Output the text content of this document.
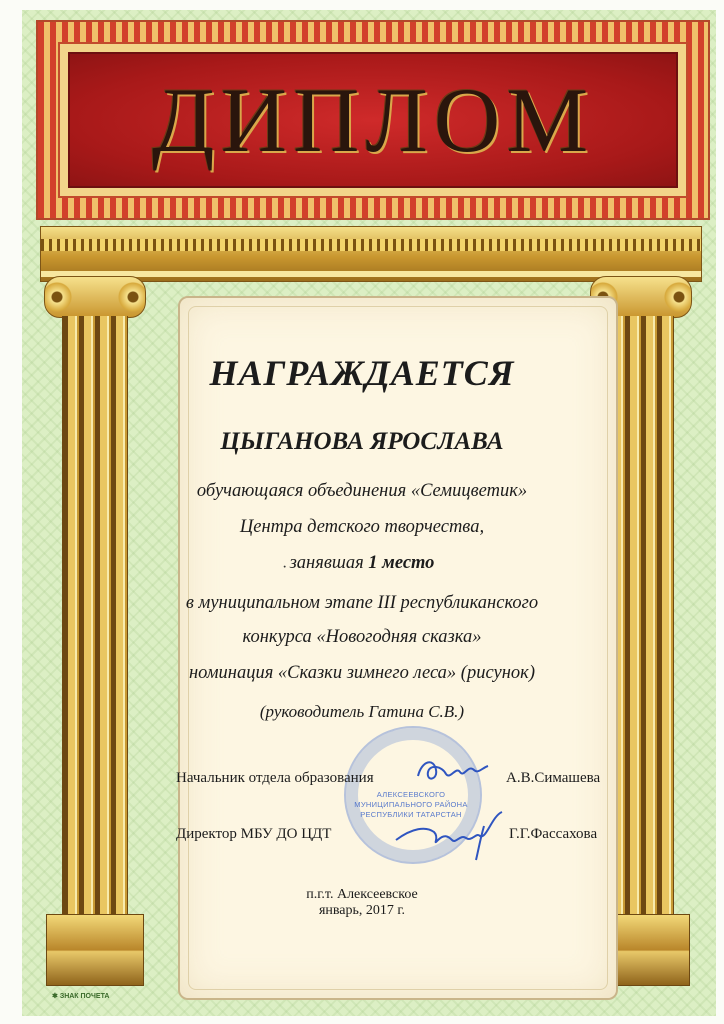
ДИПЛОМ
НАГРАЖДАЕТСЯ
ЦЫГАНОВА ЯРОСЛАВА
обучающаяся объединения «Семицветик»
Центра детского творчества,
· занявшая 1 место
в муниципальном этапе III республиканского
конкурса «Новогодняя сказка»
номинация «Сказки зимнего леса» (рисунок)
(руководитель Гатина С.В.)
АЛЕКСЕЕВСКОГО МУНИЦИПАЛЬНОГО РАЙОНА РЕСПУБЛИКИ ТАТАРСТАН
Начальник отдела образования	А.В.Симашева
Директор МБУ ДО ЦДТ	Г.Г.Фассахова
п.г.т. Алексеевское
январь, 2017 г.
✱ ЗНАК ПОЧЕТА
